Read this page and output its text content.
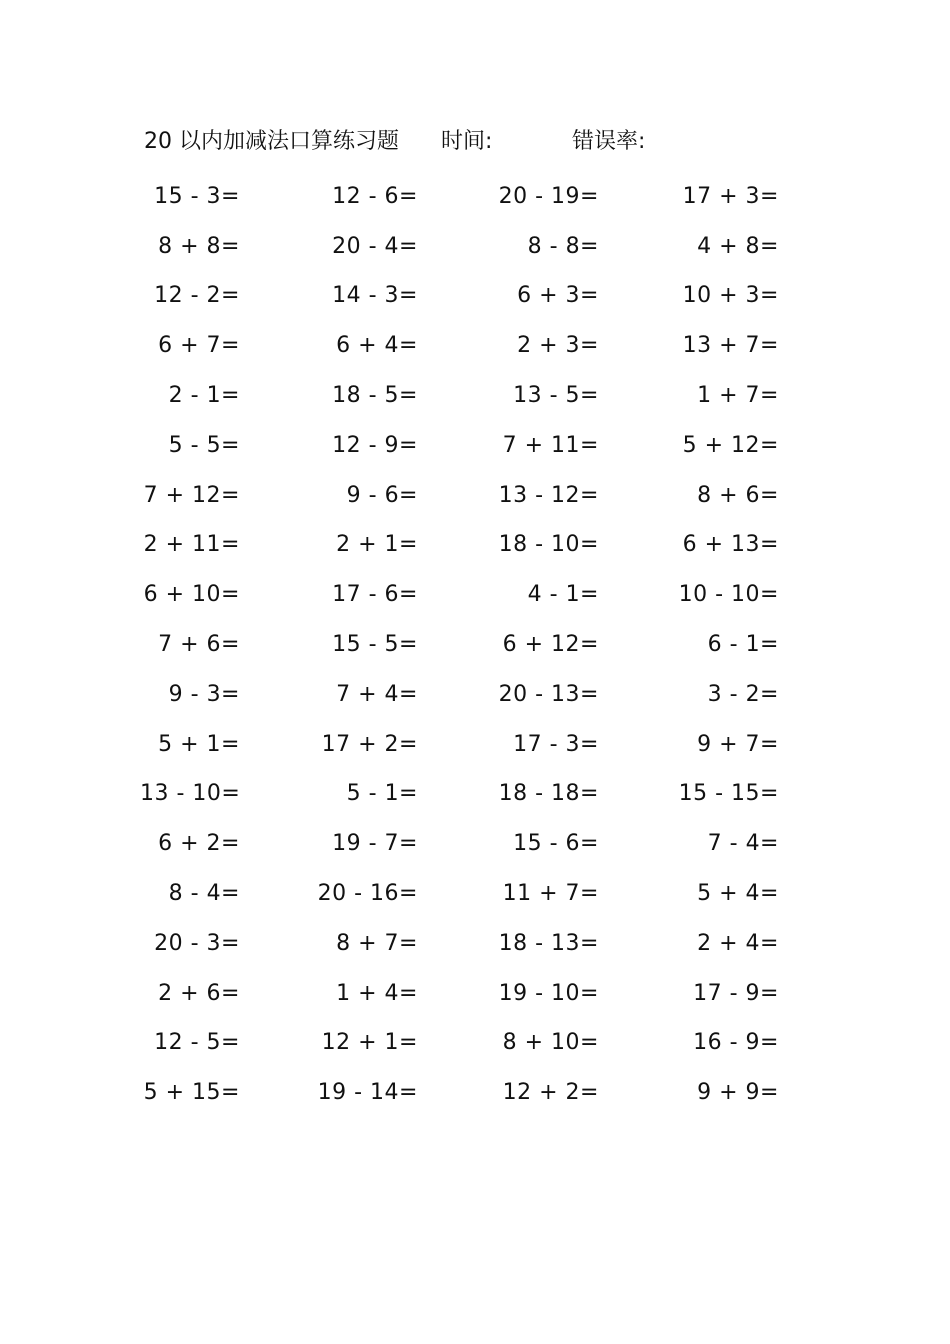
20 以内加减法口算练习题 时间:	错误率:
15 - 3=	12 - 6=	20 - 19=	17 + 3=
8 + 8=	20 - 4=	8 - 8=	4 + 8=
12 - 2=	14 - 3=	6 + 3=	10 + 3=
6 + 7=	6 + 4=	2 + 3=	13 + 7=
2 - 1=	18 - 5=	13 - 5=	1 + 7=
5 - 5=	12 - 9=	7 + 11=	5 + 12=
7 + 12=	9 - 6=	13 - 12=	8 + 6=
2 + 11=	2 + 1=	18 - 10=	6 + 13=
6 + 10=	17 - 6=	4 - 1=	10 - 10=
7 + 6=	15 - 5=	6 + 12=	6 - 1=
9 - 3=	7 + 4=	20 - 13=	3 - 2=
5 + 1=	17 + 2=	17 - 3=	9 + 7=
13 - 10=	5 - 1=	18 - 18=	15 - 15=
6 + 2=	19 - 7=	15 - 6=	7 - 4=
8 - 4=	20 - 16=	11 + 7=	5 + 4=
20 - 3=	8 + 7=	18 - 13=	2 + 4=
2 + 6=	1 + 4=	19 - 10=	17 - 9=
12 - 5=	12 + 1=	8 + 10=	16 - 9=
5 + 15=	19 - 14=	12 + 2=	9 + 9=
